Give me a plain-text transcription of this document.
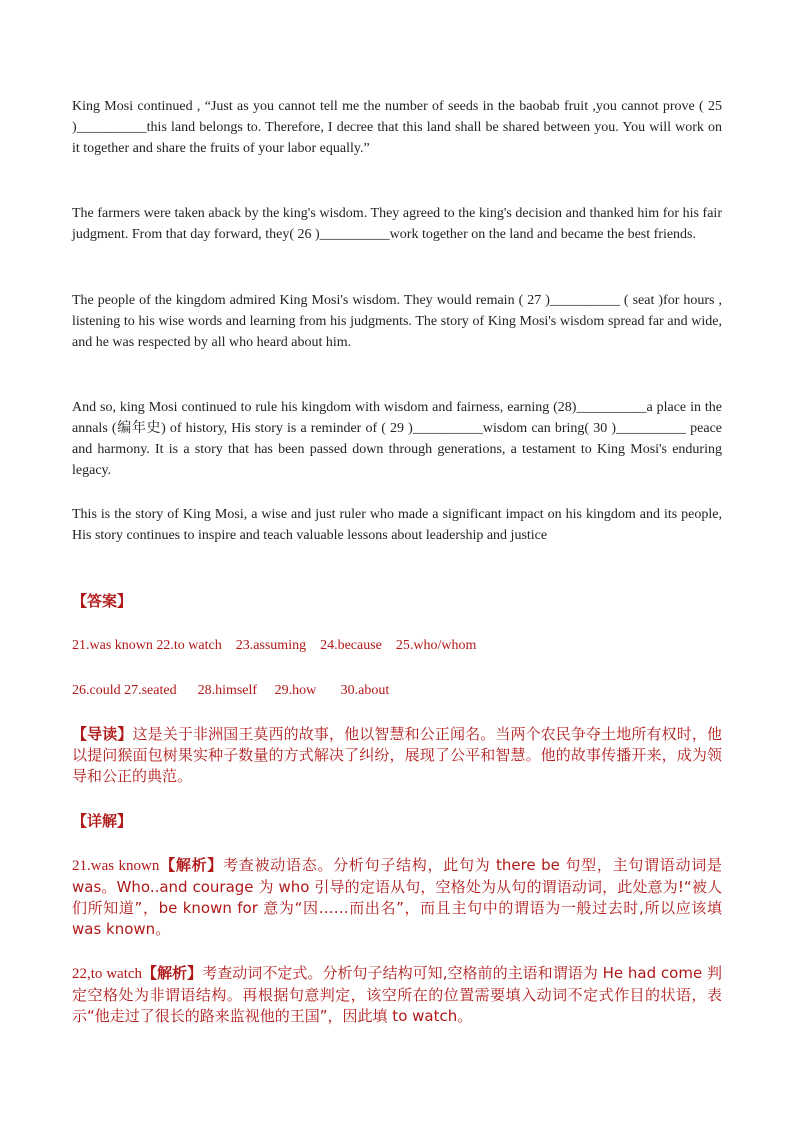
King Mosi continued , “Just as you cannot tell me the number of seeds in the baobab fruit ,you cannot prove ( 25 )__________this land belongs to. Therefore, I decree that this land shall be shared between you. You will work on it together and share the fruits of your labor equally.”

The farmers were taken aback by the king's wisdom. They agreed to the king's decision and thanked him for his fair judgment. From that day forward, they( 26 )__________work together on the land and became the best friends.

The people of the kingdom admired King Mosi's wisdom. They would remain ( 27 )__________ ( seat )for hours , listening to his wise words and learning from his judgments. The story of King Mosi's wisdom spread far and wide, and he was respected by all who heard about him.

And so, king Mosi continued to rule his kingdom with wisdom and fairness, earning (28)__________a place in the annals (编年史) of history, His story is a reminder of ( 29 )__________wisdom can bring( 30 )__________ peace and harmony. It is a story that has been passed down through generations, a testament to King Mosi's enduring legacy.

This is the story of King Mosi, a wise and just ruler who made a significant impact on his kingdom and its people, His story continues to inspire and teach valuable lessons about leadership and justice

【答案】
21.was known 22.to watch    23.assuming    24.because    25.who/whom
26.could 27.seated      28.himself     29.how       30.about

【导读】这是关于非洲国王莫西的故事，他以智慧和公正闻名。当两个农民争夺土地所有权时，他以提问猴面包树果实种子数量的方式解决了纠纷，展现了公平和智慧。他的故事传播开来，成为领导和公正的典范。

【详解】

21.was known【解析】考查被动语态。分析句子结构，此句为 there be 句型，主句谓语动词是　was。Who..and courage 为 who 引导的定语从句，空格处为从句的谓语动词，此处意为!“被人们所知道”，be known for 意为“因……而出名”，而且主句中的谓语为一般过去时,所以应该填　was known。

22,to watch【解析】考查动词不定式。分析句子结构可知,空格前的主语和谓语为 He had come 判定空格处为非谓语结构。再根据句意判定，该空所在的位置需要填入动词不定式作目的状语，表示“他走过了很长的路来监视他的王国”，因此填 to watch。
